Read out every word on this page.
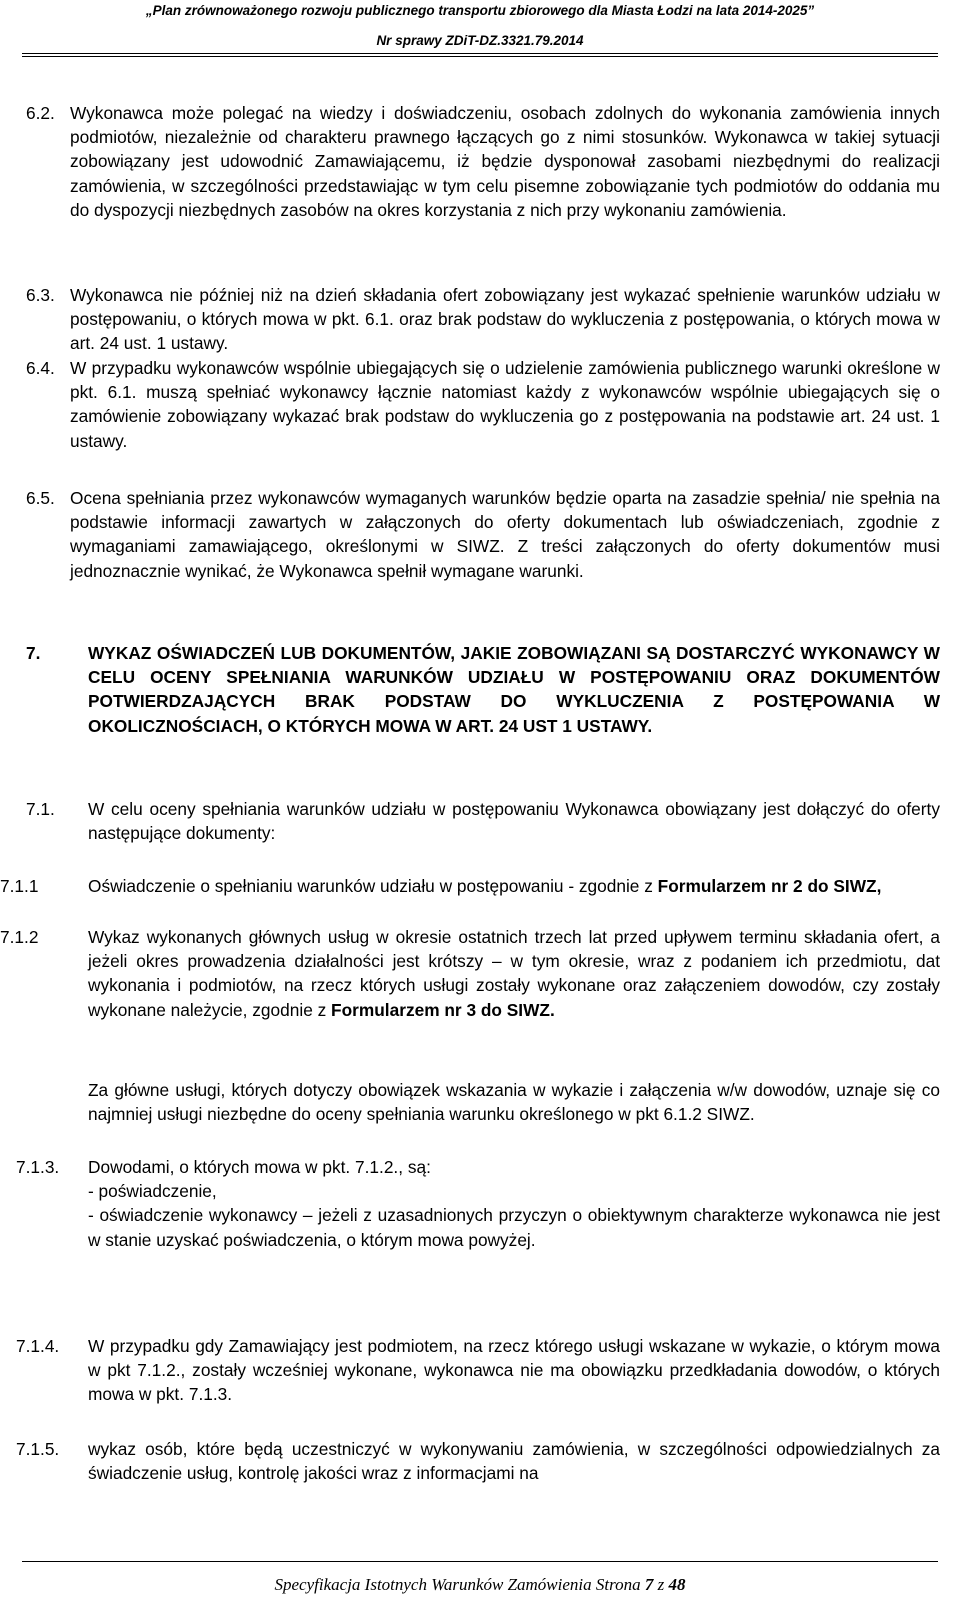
„Plan zrównoważonego rozwoju publicznego transportu zbiorowego dla Miasta Łodzi na lata 2014-2025”
Nr sprawy ZDiT-DZ.3321.79.2014
6.2. Wykonawca może polegać na wiedzy i doświadczeniu, osobach zdolnych do wykonania zamówienia innych podmiotów, niezależnie od charakteru prawnego łączących go z nimi stosunków. Wykonawca w takiej sytuacji zobowiązany jest udowodnić Zamawiającemu, iż będzie dysponował zasobami niezbędnymi do realizacji zamówienia, w szczególności przedstawiając w tym celu pisemne zobowiązanie tych podmiotów do oddania mu do dyspozycji niezbędnych zasobów na okres korzystania z nich przy wykonaniu zamówienia.
6.3. Wykonawca nie później niż na dzień składania ofert zobowiązany jest wykazać spełnienie warunków udziału w postępowaniu, o których mowa w pkt. 6.1. oraz brak podstaw do wykluczenia z postępowania, o których mowa w art. 24 ust. 1 ustawy.
6.4. W przypadku wykonawców wspólnie ubiegających się o udzielenie zamówienia publicznego warunki określone w pkt. 6.1. muszą spełniać wykonawcy łącznie natomiast każdy z wykonawców wspólnie ubiegających się o zamówienie zobowiązany wykazać brak podstaw do wykluczenia go z postępowania na podstawie art. 24 ust. 1 ustawy.
6.5. Ocena spełniania przez wykonawców wymaganych warunków będzie oparta na zasadzie spełnia/ nie spełnia na podstawie informacji zawartych w załączonych do oferty dokumentach lub oświadczeniach, zgodnie z wymaganiami zamawiającego, określonymi w SIWZ. Z treści załączonych do oferty dokumentów musi jednoznacznie wynikać, że Wykonawca spełnił wymagane warunki.
7.	WYKAZ OŚWIADCZEŃ LUB DOKUMENTÓW, JAKIE ZOBOWIĄZANI SĄ DOSTARCZYĆ WYKONAWCY W CELU OCENY SPEŁNIANIA WARUNKÓW UDZIAŁU W POSTĘPOWANIU ORAZ DOKUMENTÓW POTWIERDZAJĄCYCH BRAK PODSTAW DO WYKLUCZENIA Z POSTĘPOWANIA W OKOLICZNOŚCIACH, O KTÓRYCH MOWA W ART. 24 UST 1 USTAWY.
7.1. W celu oceny spełniania warunków udziału w postępowaniu Wykonawca obowiązany jest dołączyć do oferty następujące dokumenty:
7.1.1	Oświadczenie o spełnianiu warunków udziału w postępowaniu - zgodnie z Formularzem nr 2 do SIWZ,
7.1.2	Wykaz wykonanych głównych usług w okresie ostatnich trzech lat przed upływem terminu składania ofert, a jeżeli okres prowadzenia działalności jest krótszy – w tym okresie, wraz z podaniem ich przedmiotu, dat wykonania i podmiotów, na rzecz których usługi zostały wykonane oraz załączeniem dowodów, czy zostały wykonane należycie, zgodnie z Formularzem nr 3 do SIWZ.
Za główne usługi, których dotyczy obowiązek wskazania w wykazie i załączenia w/w dowodów, uznaje się co najmniej usługi niezbędne do oceny spełniania warunku określonego w pkt 6.1.2 SIWZ.
7.1.3. Dowodami, o których mowa w pkt. 7.1.2., są:
- poświadczenie,
- oświadczenie wykonawcy – jeżeli z uzasadnionych przyczyn o obiektywnym charakterze wykonawca nie jest w stanie uzyskać poświadczenia, o którym mowa powyżej.
7.1.4. W przypadku gdy Zamawiający jest podmiotem, na rzecz którego usługi wskazane w wykazie, o którym mowa w pkt 7.1.2., zostały wcześniej wykonane, wykonawca nie ma obowiązku przedkładania dowodów, o których mowa w pkt. 7.1.3.
7.1.5. wykaz osób, które będą uczestniczyć w wykonywaniu zamówienia, w szczególności odpowiedzialnych za świadczenie usług, kontrolę jakości wraz z informacjami na
Specyfikacja Istotnych Warunków Zamówienia Strona 7 z 48
